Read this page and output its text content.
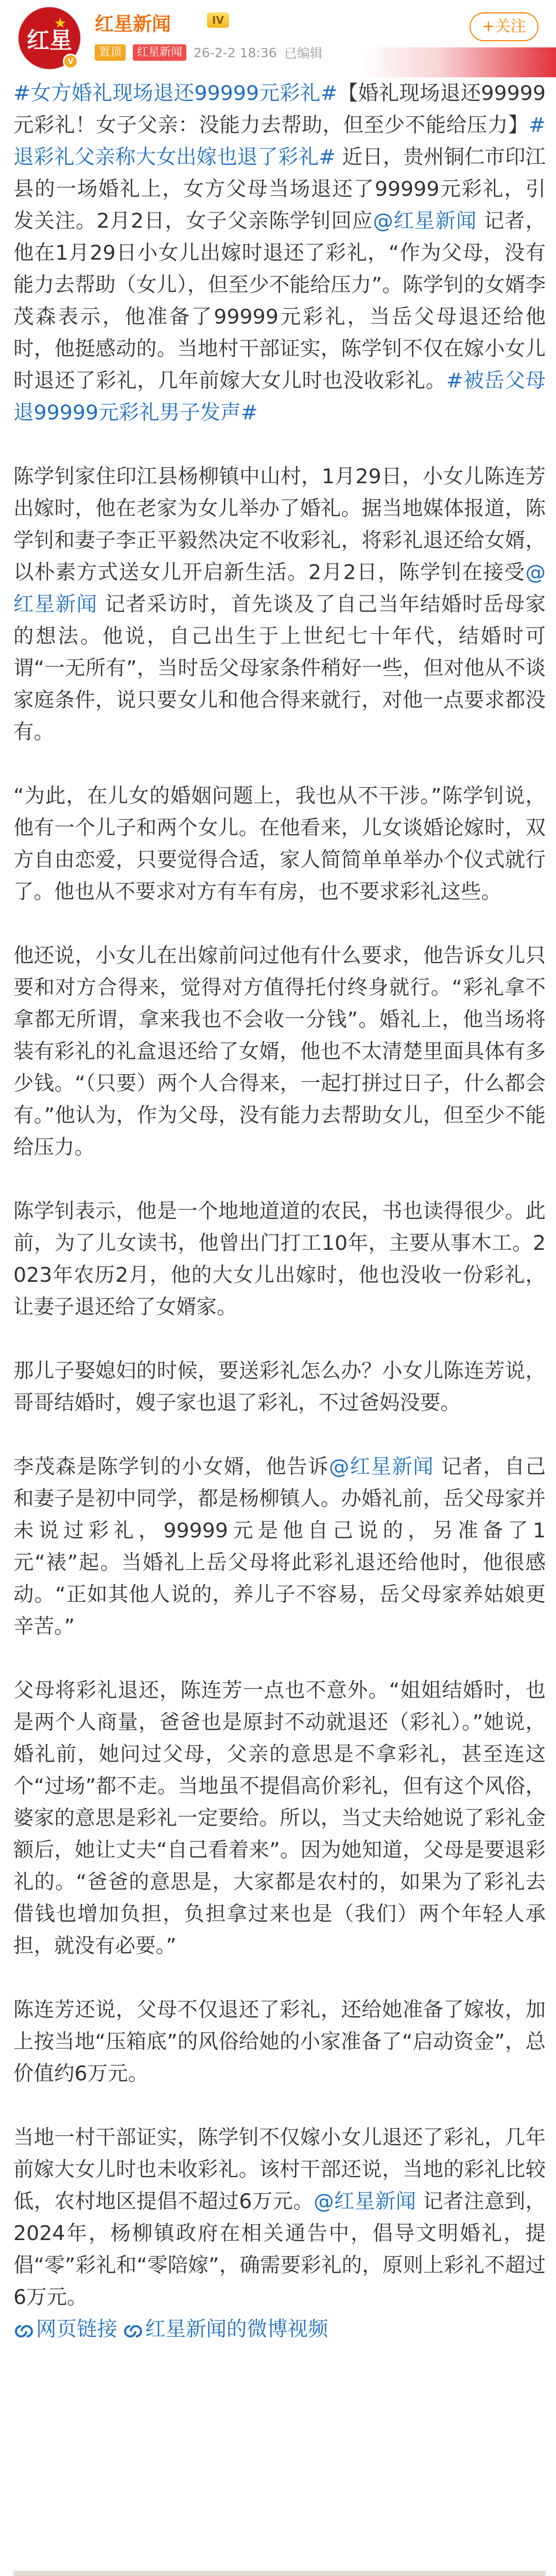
红星
V
红星新闻	IV
置顶	红星新闻 26-2-2 18:36 已编辑
+关注

#女方婚礼现场退还99999元彩礼#【婚礼现场退还99999元彩礼！女子父亲：没能力去帮助，但至少不能给压力】#退彩礼父亲称大女出嫁也退了彩礼# 近日，贵州铜仁市印江县的一场婚礼上，女方父母当场退还了99999元彩礼，引发关注。2月2日，女子父亲陈学钊回应@红星新闻 记者，他在1月29日小女儿出嫁时退还了彩礼，“作为父母，没有能力去帮助（女儿），但至少不能给压力”。陈学钊的女婿李茂森表示，他准备了99999元彩礼，当岳父母退还给他时，他挺感动的。当地村干部证实，陈学钊不仅在嫁小女儿时退还了彩礼，几年前嫁大女儿时也没收彩礼。#被岳父母退99999元彩礼男子发声#

陈学钊家住印江县杨柳镇中山村，1月29日，小女儿陈连芳出嫁时，他在老家为女儿举办了婚礼。据当地媒体报道，陈学钊和妻子李正平毅然决定不收彩礼，将彩礼退还给女婿，以朴素方式送女儿开启新生活。2月2日，陈学钊在接受@红星新闻 记者采访时，首先谈及了自己当年结婚时岳母家的想法。他说，自己出生于上世纪七十年代，结婚时可谓“一无所有”，当时岳父母家条件稍好一些，但对他从不谈家庭条件，说只要女儿和他合得来就行，对他一点要求都没有。

“为此，在儿女的婚姻问题上，我也从不干涉。”陈学钊说，他有一个儿子和两个女儿。在他看来，儿女谈婚论嫁时，双方自由恋爱，只要觉得合适，家人简简单单举办个仪式就行了。他也从不要求对方有车有房，也不要求彩礼这些。

他还说，小女儿在出嫁前问过他有什么要求，他告诉女儿只要和对方合得来，觉得对方值得托付终身就行。“彩礼拿不拿都无所谓，拿来我也不会收一分钱”。婚礼上，他当场将装有彩礼的礼盒退还给了女婿，他也不太清楚里面具体有多少钱。“（只要）两个人合得来，一起打拼过日子，什么都会有。”他认为，作为父母，没有能力去帮助女儿，但至少不能给压力。

陈学钊表示，他是一个地地道道的农民，书也读得很少。此前，为了儿女读书，他曾出门打工10年，主要从事木工。2023年农历2月，他的大女儿出嫁时，他也没收一份彩礼，让妻子退还给了女婿家。

那儿子娶媳妇的时候，要送彩礼怎么办？小女儿陈连芳说，哥哥结婚时，嫂子家也退了彩礼，不过爸妈没要。

李茂森是陈学钊的小女婿，他告诉@红星新闻 记者，自己和妻子是初中同学，都是杨柳镇人。办婚礼前，岳父母家并未说过彩礼，99999元是他自己说的，另准备了1元“裱”起。当婚礼上岳父母将此彩礼退还给他时，他很感动。“正如其他人说的，养儿子不容易，岳父母家养姑娘更辛苦。”

父母将彩礼退还，陈连芳一点也不意外。“姐姐结婚时，也是两个人商量，爸爸也是原封不动就退还（彩礼）。”她说，婚礼前，她问过父母，父亲的意思是不拿彩礼，甚至连这个“过场”都不走。当地虽不提倡高价彩礼，但有这个风俗，婆家的意思是彩礼一定要给。所以，当丈夫给她说了彩礼金额后，她让丈夫“自己看着来”。因为她知道，父母是要退彩礼的。“爸爸的意思是，大家都是农村的，如果为了彩礼去借钱也增加负担，负担拿过来也是（我们）两个年轻人承担，就没有必要。”

陈连芳还说，父母不仅退还了彩礼，还给她准备了嫁妆，加上按当地“压箱底”的风俗给她的小家准备了“启动资金”，总价值约6万元。

当地一村干部证实，陈学钊不仅嫁小女儿退还了彩礼，几年前嫁大女儿时也未收彩礼。该村干部还说，当地的彩礼比较低，农村地区提倡不超过6万元。@红星新闻 记者注意到，2024年，杨柳镇政府在相关通告中，倡导文明婚礼，提倡“零”彩礼和“零陪嫁”，确需要彩礼的，原则上彩礼不超过6万元。
网页链接 红星新闻的微博视频
